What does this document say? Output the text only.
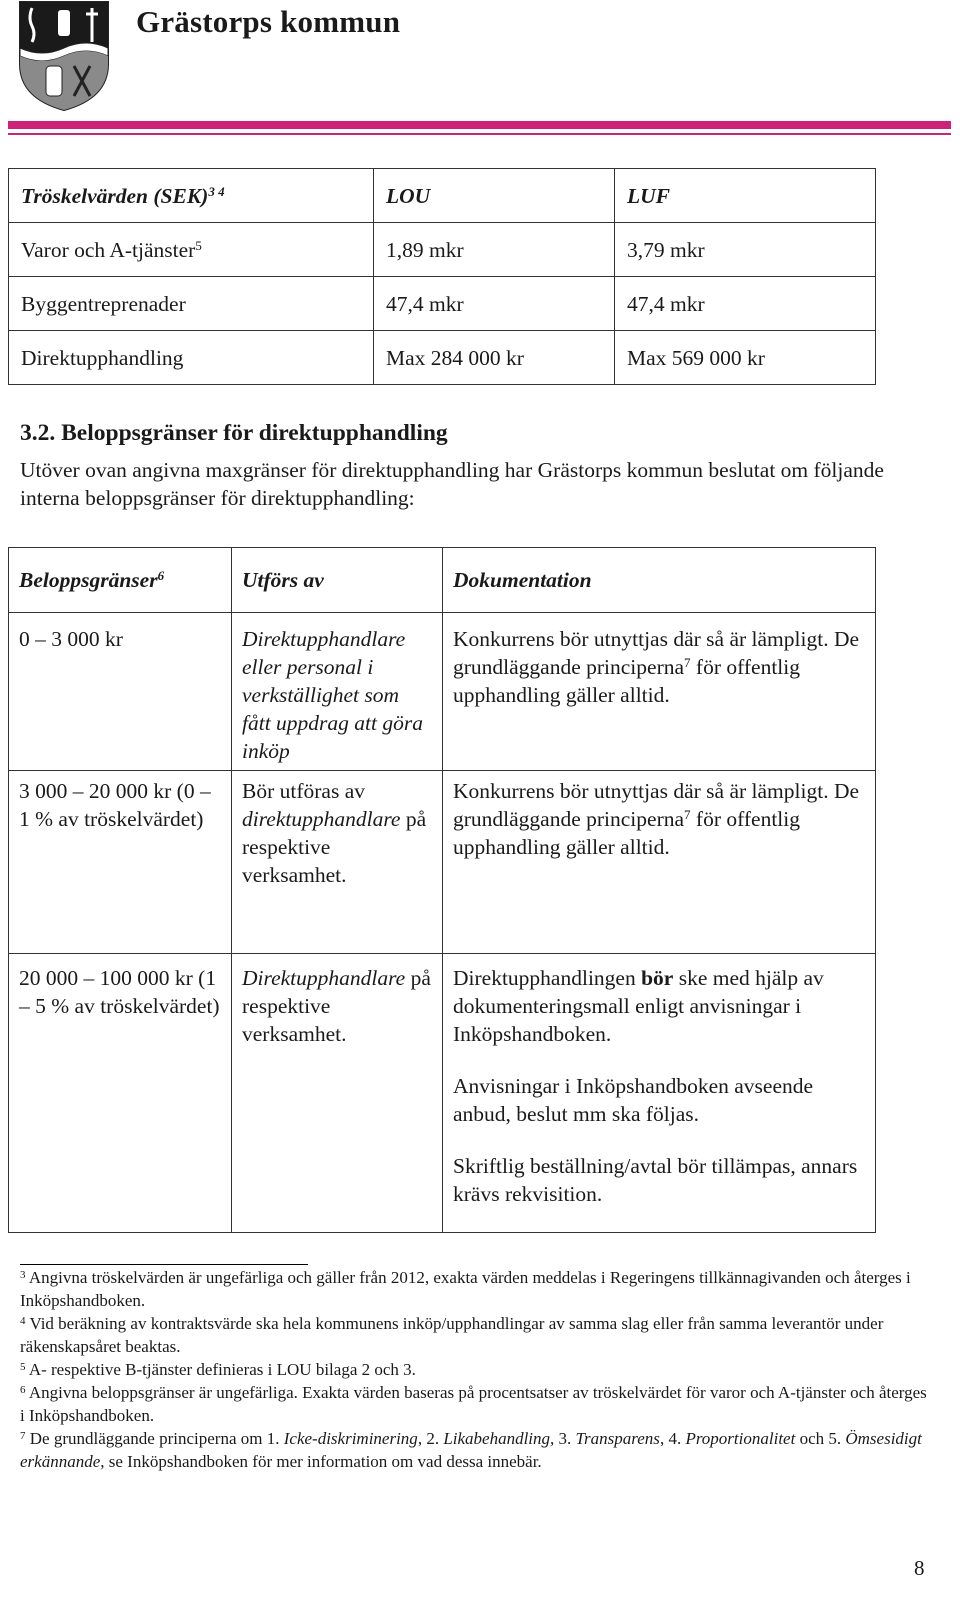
Grästorps kommun
Tröskelvärden (SEK)$^{3 4}$	LOU	LUF
Varor och A-tjänster$^5$	1,89 mkr	3,79 mkr
Byggentreprenader	47,4 mkr	47,4 mkr
Direktupphandling	Max 284 000 kr	Max 569 000 kr
3.2. Beloppsgränser för direktupphandling
Utöver ovan angivna maxgränser för direktupphandling har Grästorps kommun beslutat om följande interna beloppsgränser för direktupphandling:
Beloppsgränser$^6$	Utförs av	Dokumentation
0 – 3 000 kr	Direktupphandlare eller personal i verkställighet som fått uppdrag att göra inköp	Konkurrens bör utnyttjas där så är lämpligt. De grundläggande principerna$^7$ för offentlig upphandling gäller alltid.
3 000 – 20 000 kr (0 – 1 % av tröskelvärdet)	Bör utföras av direktupphandlare på respektive verksamhet.	Konkurrens bör utnyttjas där så är lämpligt. De grundläggande principerna$^7$ för offentlig upphandling gäller alltid.
20 000 – 100 000 kr (1 – 5 % av tröskelvärdet)	Direktupphandlare på respektive verksamhet.	Direktupphandlingen bör ske med hjälp av dokumenteringsmall enligt anvisningar i Inköpshandboken.
Anvisningar i Inköpshandboken avseende anbud, beslut mm ska följas.
Skriftlig beställning/avtal bör tillämpas, annars krävs rekvisition.
$^3$ Angivna tröskelvärden är ungefärliga och gäller från 2012, exakta värden meddelas i Regeringens tillkännagivanden och återges i Inköpshandboken.
$^4$ Vid beräkning av kontraktsvärde ska hela kommunens inköp/upphandlingar av samma slag eller från samma leverantör under räkenskapsåret beaktas.
$^5$ A- respektive B-tjänster definieras i LOU bilaga 2 och 3.
$^6$ Angivna beloppsgränser är ungefärliga. Exakta värden baseras på procentsatser av tröskelvärdet för varor och A-tjänster och återges i Inköpshandboken.
$^7$ De grundläggande principerna om 1. Icke-diskriminering, 2. Likabehandling, 3. Transparens, 4. Proportionalitet och 5. Ömsesidigt erkännande, se Inköpshandboken för mer information om vad dessa innebär.
8
